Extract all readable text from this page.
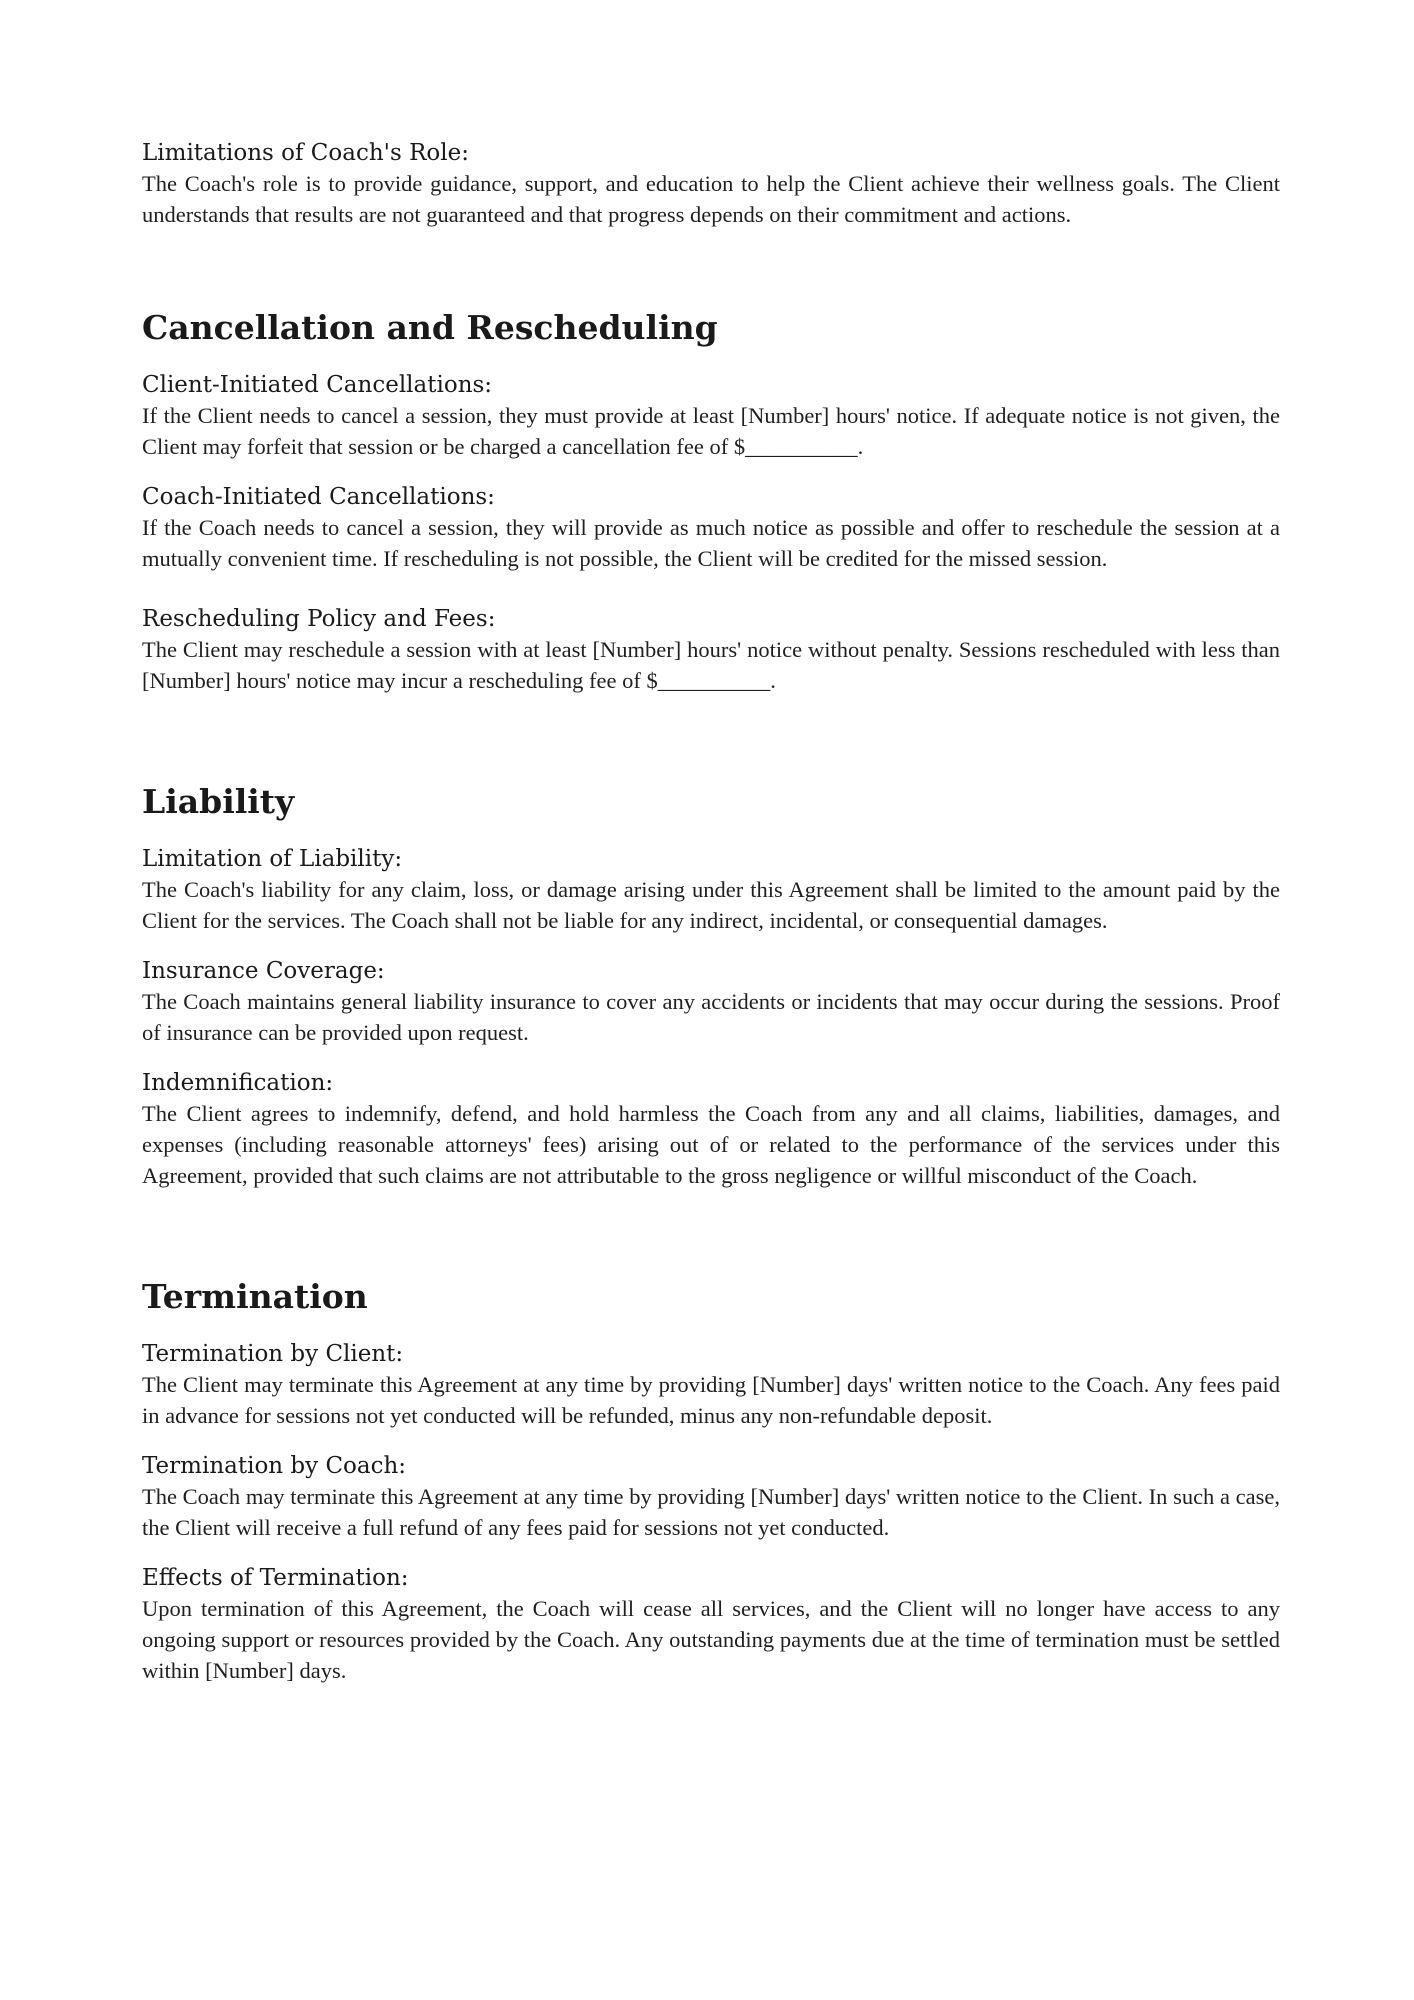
Limitations of Coach's Role:

The Coach's role is to provide guidance, support, and education to help the Client achieve their wellness goals. The Client understands that results are not guaranteed and that progress depends on their commitment and actions.

Cancellation and Rescheduling
Client-Initiated Cancellations:

If the Client needs to cancel a session, they must provide at least [Number] hours' notice. If adequate notice is not given, the Client may forfeit that session or be charged a cancellation fee of $__________.

Coach-Initiated Cancellations:

If the Coach needs to cancel a session, they will provide as much notice as possible and offer to reschedule the session at a mutually convenient time. If rescheduling is not possible, the Client will be credited for the missed session.

Rescheduling Policy and Fees:

The Client may reschedule a session with at least [Number] hours' notice without penalty. Sessions rescheduled with less than [Number] hours' notice may incur a rescheduling fee of $__________.

Liability
Limitation of Liability:

The Coach's liability for any claim, loss, or damage arising under this Agreement shall be limited to the amount paid by the Client for the services. The Coach shall not be liable for any indirect, incidental, or consequential damages.

Insurance Coverage:

The Coach maintains general liability insurance to cover any accidents or incidents that may occur during the sessions. Proof of insurance can be provided upon request.

Indemnification:

The Client agrees to indemnify, defend, and hold harmless the Coach from any and all claims, liabilities, damages, and expenses (including reasonable attorneys' fees) arising out of or related to the performance of the services under this Agreement, provided that such claims are not attributable to the gross negligence or willful misconduct of the Coach.

Termination
Termination by Client:

The Client may terminate this Agreement at any time by providing [Number] days' written notice to the Coach. Any fees paid in advance for sessions not yet conducted will be refunded, minus any non-refundable deposit.

Termination by Coach:

The Coach may terminate this Agreement at any time by providing [Number] days' written notice to the Client. In such a case, the Client will receive a full refund of any fees paid for sessions not yet conducted.

Effects of Termination:

Upon termination of this Agreement, the Coach will cease all services, and the Client will no longer have access to any ongoing support or resources provided by the Coach. Any outstanding payments due at the time of termination must be settled within [Number] days.
